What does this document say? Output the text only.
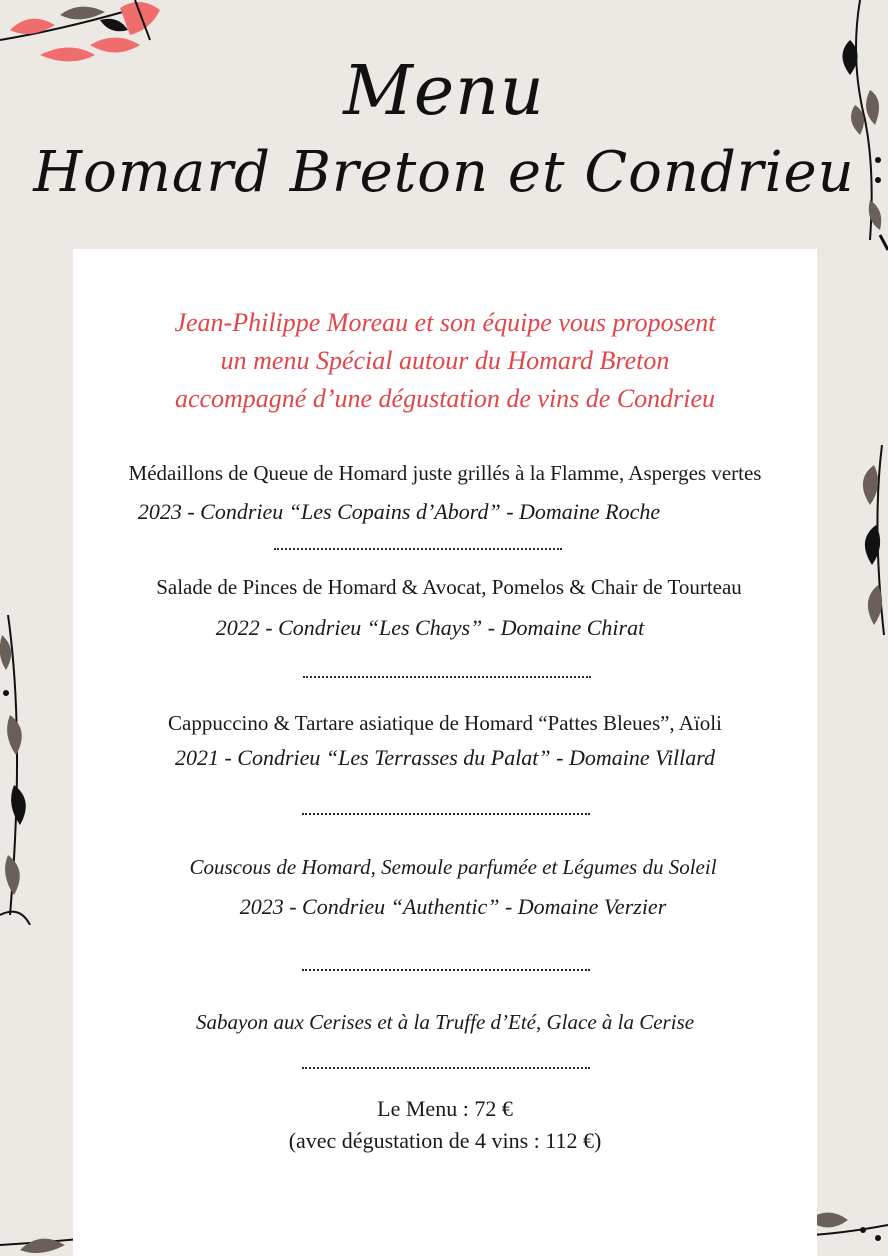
Menu
Homard Breton et Condrieu
Jean-Philippe Moreau et son équipe vous proposent
un menu Spécial autour du Homard Breton
accompagné d’une dégustation de vins de Condrieu
Médaillons de Queue de Homard juste grillés à la Flamme, Asperges vertes
2023 - Condrieu “Les Copains d’Abord” - Domaine Roche
Salade de Pinces de Homard & Avocat, Pomelos & Chair de Tourteau
2022 - Condrieu “Les Chays” - Domaine Chirat
Cappuccino & Tartare asiatique de Homard “Pattes Bleues”, Aïoli
2021 - Condrieu “Les Terrasses du Palat” - Domaine Villard
Couscous de Homard, Semoule parfumée et Légumes du Soleil
2023 - Condrieu “Authentic” - Domaine Verzier
Sabayon aux Cerises et à la Truffe d’Eté, Glace à la Cerise
Le Menu : 72 €
(avec dégustation de 4 vins : 112 €)
